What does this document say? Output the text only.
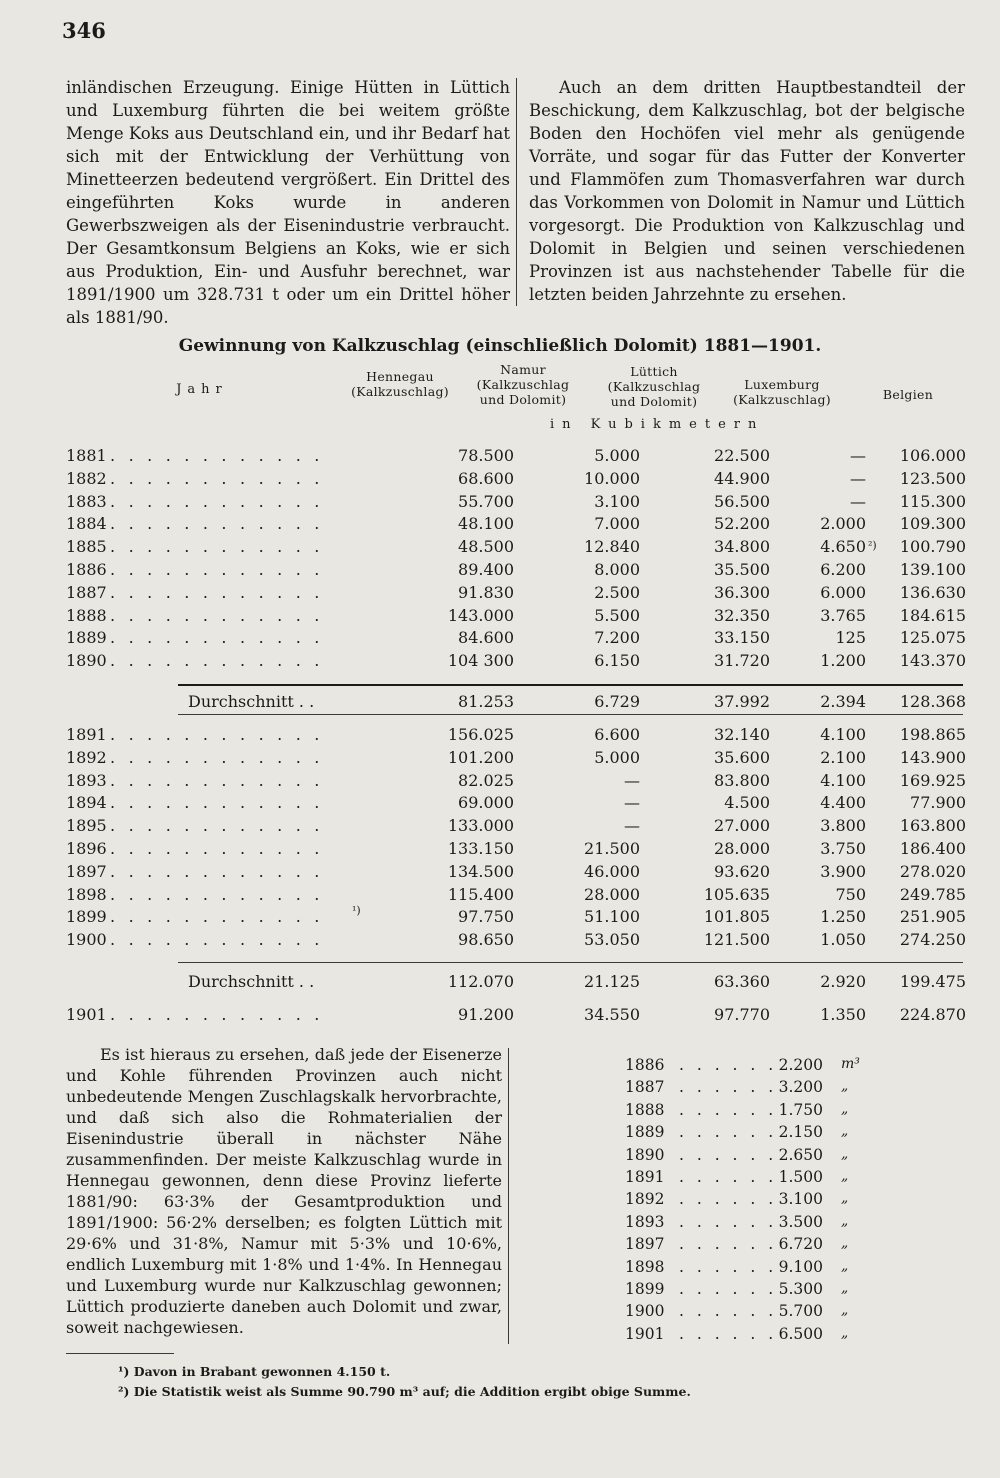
346

inländischen Erzeugung. Einige Hütten in Lüttich und Luxemburg führten die bei weitem größte Menge Koks aus Deutschland ein, und ihr Bedarf hat sich mit der Entwicklung der Verhüttung von Minetteerzen bedeutend vergrößert. Ein Drittel des eingeführten Koks wurde in anderen Gewerbszweigen als der Eisenindustrie verbraucht. Der Gesamtkonsum Belgiens an Koks, wie er sich aus Produktion, Ein- und Ausfuhr berechnet, war 1891/1900 um 328.731 t oder um ein Drittel höher als 1881/90.

Auch an dem dritten Hauptbestandteil der Beschickung, dem Kalkzuschlag, bot der belgische Boden den Hochöfen viel mehr als genügende Vorräte, und sogar für das Futter der Konverter und Flammöfen zum Thomasverfahren war durch das Vorkommen von Dolomit in Namur und Lüttich vorgesorgt. Die Produktion von Kalkzuschlag und Dolomit in Belgien und seinen verschiedenen Provinzen ist aus nachstehender Tabelle für die letzten beiden Jahrzehnte zu ersehen.

Gewinnung von Kalkzuschlag (einschließlich Dolomit) 1881—1901.
Jahr
Hennegau (Kalkzuschlag)
Namur (Kalkzuschlag und Dolomit)
Lüttich (Kalkzuschlag und Dolomit)
Luxemburg (Kalkzuschlag)	Belgien
in Kubikmetern
1881 . . . . . . . . . . . .	78.500	5.000	22.500	— 106.000
1882 . . . . . . . . . . . .	68.600	10.000	44.900	— 123.500
1883 . . . . . . . . . . . .	55.700	3.100	56.500	— 115.300
1884 . . . . . . . . . . . .	48.100	7.000	52.200	2.000 109.300
1885 . . . . . . . . . . . .	48.500	12.840	34.800	4.650 ²) 100.790
1886 . . . . . . . . . . . .	89.400	8.000	35.500	6.200 139.100
1887 . . . . . . . . . . . .	91.830	2.500	36.300	6.000 136.630
1888 . . . . . . . . . . . .	143.000	5.500	32.350	3.765 184.615
1889 . . . . . . . . . . . .	84.600	7.200	33.150	125 125.075
1890 . . . . . . . . . . . .	104 300	6.150	31.720	1.200 143.370
Durchschnitt . .	81.253	6.729	37.992	2.394 128.368
1891 . . . . . . . . . . . .	156.025	6.600	32.140	4.100 198.865
1892 . . . . . . . . . . . .	101.200	5.000	35.600	2.100 143.900
1893 . . . . . . . . . . . .	82.025	—	83.800	4.100 169.925
1894 . . . . . . . . . . . .	69.000	—	4.500	4.400	77.900
1895 . . . . . . . . . . . .	133.000	—	27.000	3.800 163.800
1896 . . . . . . . . . . . .	133.150	21.500	28.000	3.750 186.400
1897 . . . . . . . . . . . .	134.500	46.000	93.620	3.900 278.020
1898 . . . . . . . . . . . .	115.400	28.000	105.635	750 249.785
1899 . . . . . . . . . . . .	¹)	97.750	51.100	101.805	1.250 251.905
1900 . . . . . . . . . . . .	98.650	53.050	121.500	1.050 274.250
Durchschnitt . .	112.070	21.125	63.360	2.920 199.475
1901 . . . . . . . . . . . .	91.200	34.550	97.770	1.350 224.870

Es ist hieraus zu ersehen, daß jede der Eisenerze und Kohle führenden Provinzen auch nicht unbedeutende Mengen Zuschlagskalk hervorbrachte, und daß sich also die Rohmaterialien der Eisenindustrie überall in nächster Nähe zusammenfinden. Der meiste Kalkzuschlag wurde in Hennegau gewonnen, denn diese Provinz lieferte 1881/90: 63·3% der Gesamtproduktion und 1891/1900: 56·2% derselben; es folgten Lüttich mit 29·6% und 31·8%, Namur mit 5·3% und 10·6%, endlich Luxemburg mit 1·8% und 1·4%. In Hennegau und Luxemburg wurde nur Kalkzuschlag gewonnen; Lüttich produzierte daneben auch Dolomit und zwar, soweit nachgewiesen.

1886 . . . . . . 2.200 m³
1887 . . . . . . 3.200 „
1888 . . . . . . 1.750 „
1889 . . . . . . 2.150 „
1890 . . . . . . 2.650 „
1891 . . . . . . 1.500 „
1892 . . . . . . 3.100 „
1893 . . . . . . 3.500 „
1897 . . . . . . 6.720 „
1898 . . . . . . 9.100 „
1899 . . . . . . 5.300 „
1900 . . . . . . 5.700 „
1901 . . . . . . 6.500 „
¹) Davon in Brabant gewonnen 4.150 t.
²) Die Statistik weist als Summe 90.790 m³ auf; die Addition ergibt obige Summe.
